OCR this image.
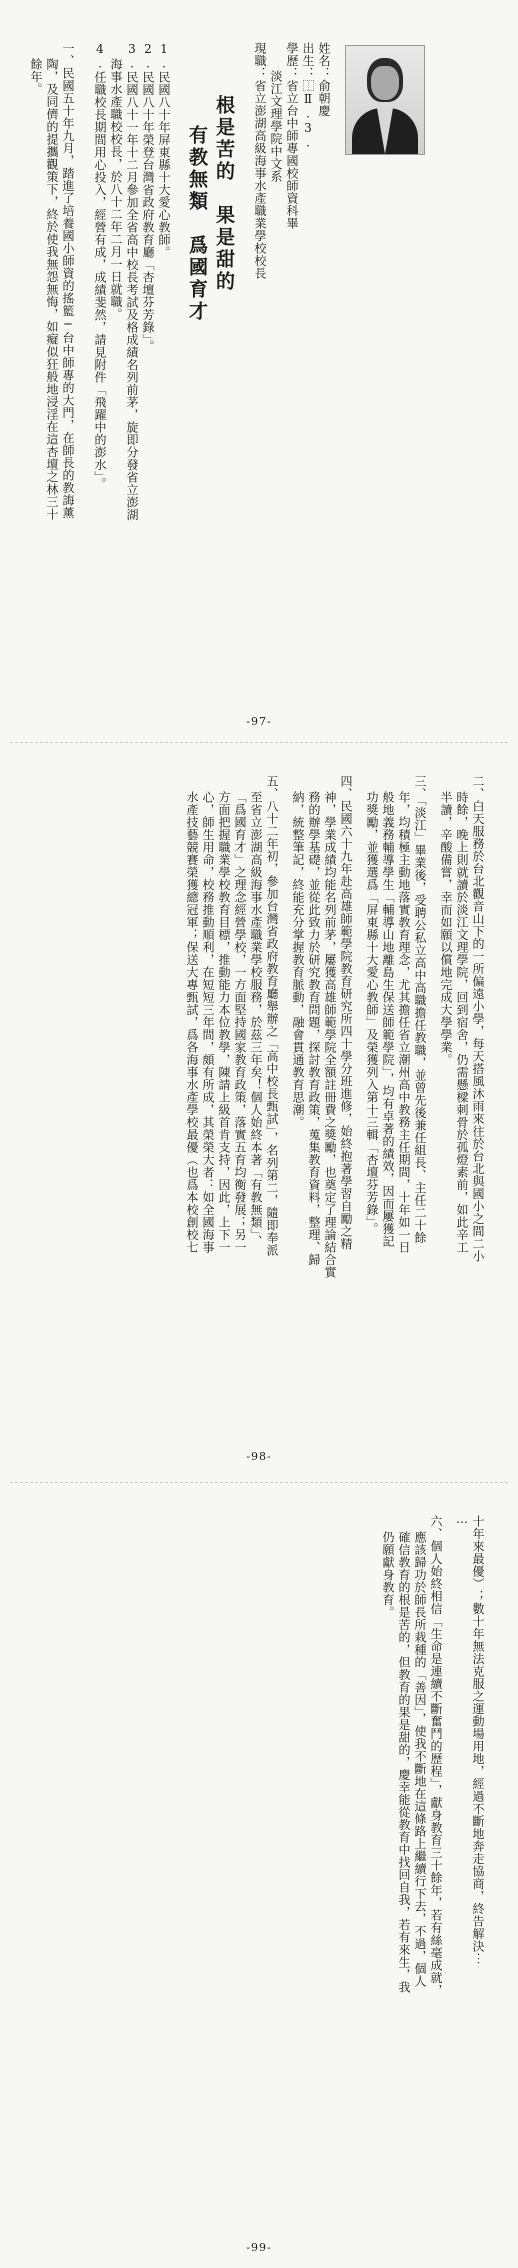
姓名：俞朝慶
出生：⿰Ⅱ.3.
學歷：省立台中師專國校師資科畢
淡江文理學院中文系
現職：省立澎湖高級海事水產職業學校校長
根是苦的　果是甜的
有教無類　爲國育才
1.民國八十年屏東縣十大愛心教師。
2.民國八十年榮登台灣省政府教育廳「杏壇芬芳錄」。
3.民國八十一年十二月參加全省高中校長考試及格成績名列前茅，旋即分發省立澎湖
海事水產職校校長，於八十二年二月一日就職。
4.任職校長期間用心投入，經營有成，成績斐然，請見附件「飛躍中的澎水」。
一、民國五十年九月，踏進了培養國小師資的搖籃─台中師專的大門，在師長的教誨薰
陶，及同儕的提攜觀策下，終於使我無怨無悔，如癡似狂般地浸淫在這杏壇之林三十
餘年。
-97-
二、白天服務於台北觀音山下的一所偏遠小學，每天搭風沐雨來往於台北與國小之間二小
時餘，晚上則就讀於淡江文理學院，回到宿舍，仍需懸樑刺骨於孤燈素前，如此辛工
半讀，辛酸備嘗，幸而如願以償地完成大學學業。
三、「淡江」畢業後，受聘公私立高中高職擔任教職，並曾先後兼任組長、主任二十餘
年，均積極主動地落實教育理念，尤其擔任省立潮州高中教務主任期間，十年如一日
般地義務輔導學生「輔導山地離島生保送師範學院」，均有卓著的績效，因而屢獲記
功獎勵，並獲選爲「屏東縣十大愛心教師」及榮獲列入第十三輯「杏壇芬芳錄」。
四、民國六十九年赴高雄師範學院教育研究所四十學分班進修，始終抱著學習自勵之精
神，學業成績均能名列前茅，屢獲高雄師範學院全額註冊費之獎勵，也奠定了理論結合實
務的辦學基礎，並從此致力於研究教育問題，探討教育政策，蒐集教育資料，整理、歸
納，統整筆記，終能充分掌握教育脈動，融會貫通教育思潮。
五、八十二年初，參加台灣省政府教育廳舉辦之「高中校長甄試」，名列第二，隨即奉派
至省立澎湖高級海事水產職業學校服務，於茲三年矣！個人始終本著「有教無類」、
「爲國育才」之理念經營學校，一方面堅持國家教育政策，落實五育均衡發展；另一
方面把握職業學校教育目標，推動能力本位教學，陳請上級首肯支持，因此，上下一
心，師生用命，校務推動順利，在短短三年間，頗有所成，其榮榮大者：如全國海事
水產技藝競賽榮獲總冠軍；保送大專甄試，爲各海事水產學校最優（也爲本校創校七
-98-
十年來最優）；數十年無法克服之運動場用地，經過不斷地奔走協商，終告解決⋯
⋯
六、個人始終相信「生命是連續不斷奮鬥的歷程」，獻身教育三十餘年，若有絲毫成就，
應該歸功於師長所栽種的「善因」，使我不斷地在這條路上繼續行下去，不過，個人
確信教育的根是苦的，但教育的果是甜的，慶幸能從教育中找回自我，若有來生，我
仍願獻身教育。
-99-
